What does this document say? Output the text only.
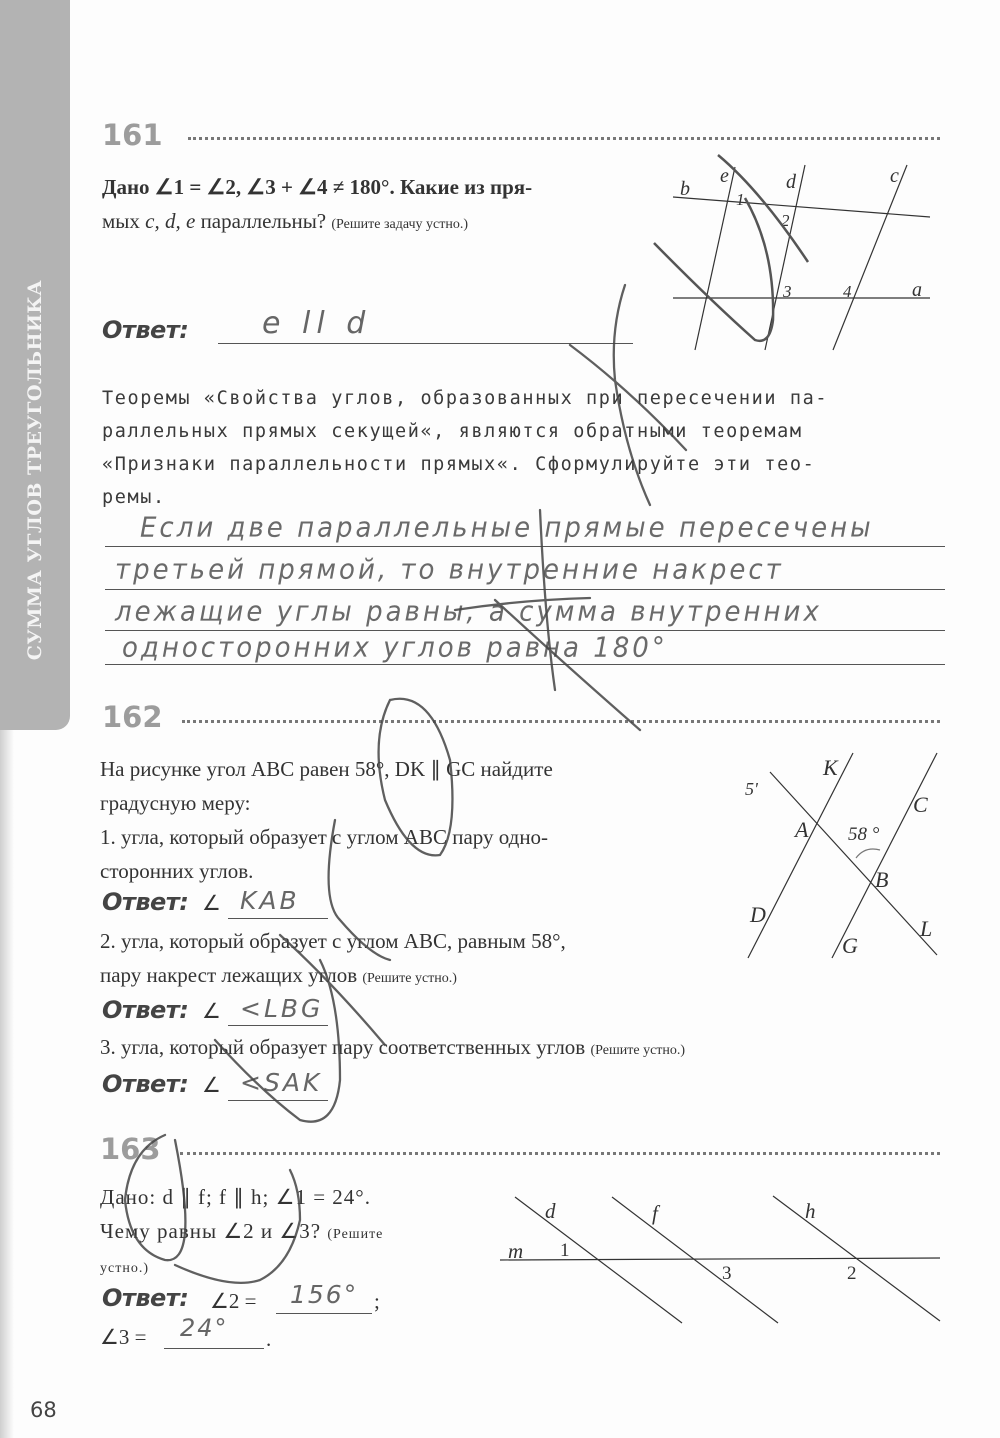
СУММА УГЛОВ ТРЕУГОЛЬНИКА
161
Дано ∠1 = ∠2, ∠3 + ∠4 ≠ 180°. Какие из пря-
мых c, d, e параллельны? (Решите задачу устно.)
b
e	d	c
a
1
2
3	4
Ответ: e ll d
Теоремы «Свойства углов, образованных при пересечении па-
раллельных прямых секущей«, являются обратными теоремам
«Признаки параллельности прямых«. Сформулируйте эти тео-
ремы.
Если две параллельные прямые пересечены
третьей прямой, то внутренние накрест
лежащие углы равны, а сумма внутренних
односторонних углов равна 180°
162
На рисунке угол ABC равен 58°, DK ∥ GC найдите
градусную меру:
1. угла, который образует с углом ABC пару одно-
сторонних углов.
Ответ: ∠ KAB
2. угла, который образует с углом ABC, равным 58°,
пару накрест лежащих углов (Решите устно.)
Ответ: ∠ <LBG
3. угла, который образует пару соответственных углов (Решите устно.)
Ответ: ∠ <SAK
K
A
D
C
B
G
L
58 °
5'
163
Дано: d ∥ f; f ∥ h; ∠1 = 24°.
Чему равны ∠2 и ∠3? (Решите
устно.)
Ответ: ∠2 = 156° ;
∠3 = 24° .
d	f	h
m 1
3	2
68
